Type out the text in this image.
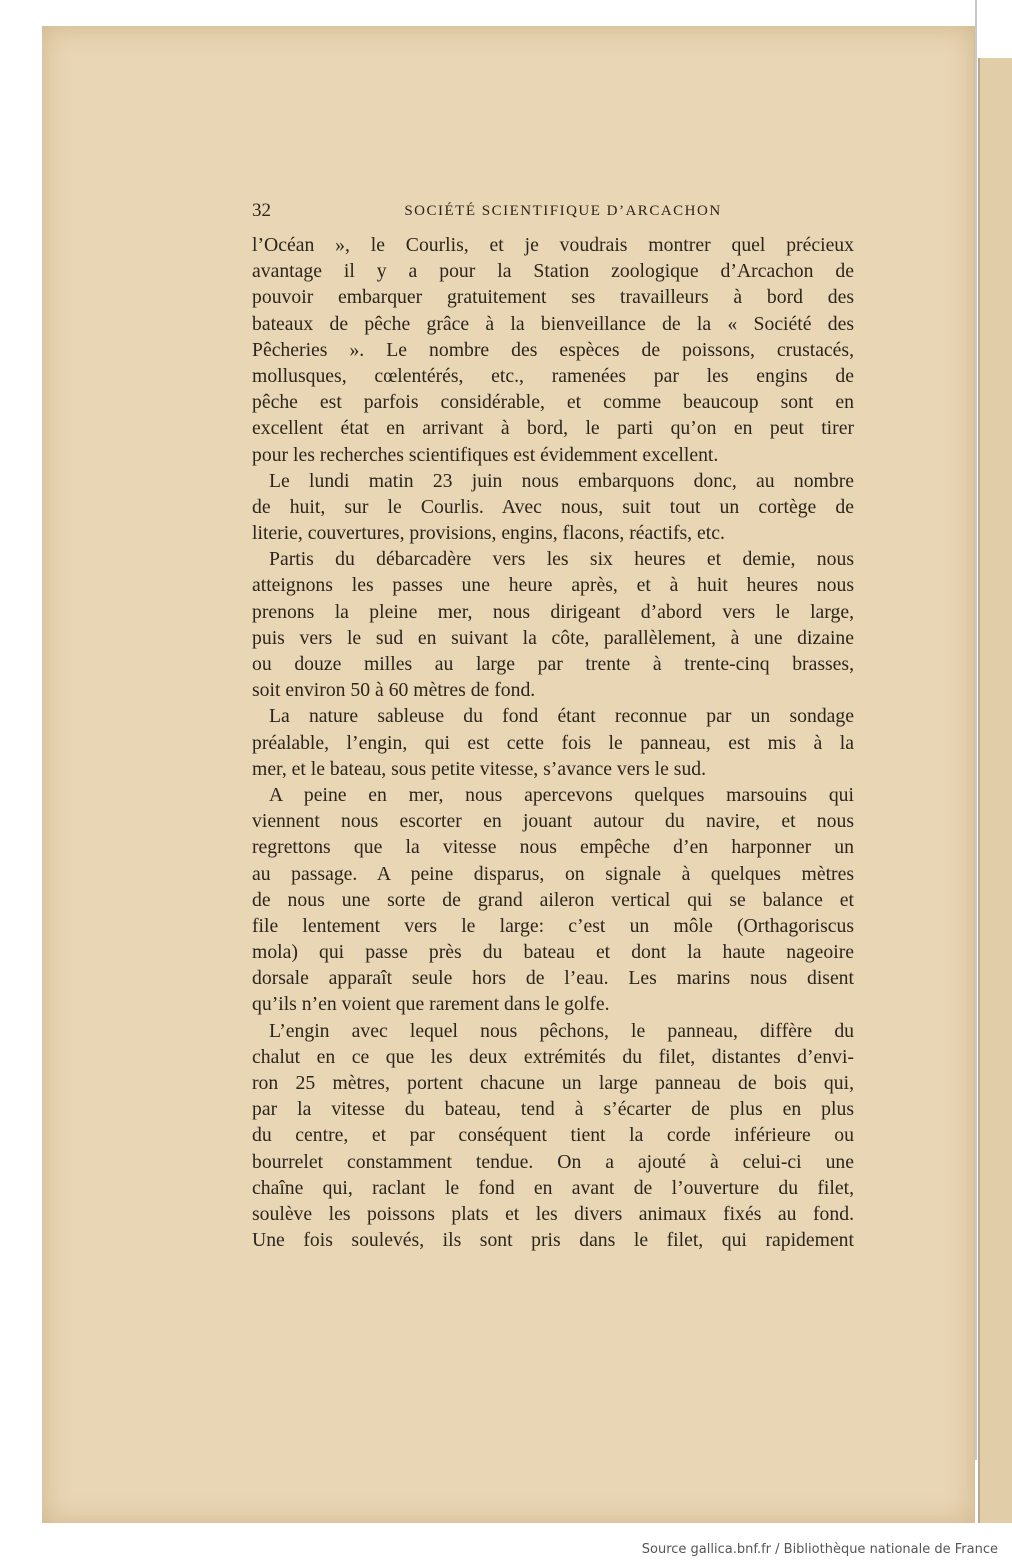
32	SOCIÉTÉ SCIENTIFIQUE D’ARCACHON
l’Océan », le Courlis, et je voudrais montrer quel précieux
avantage il y a pour la Station zoologique d’Arcachon de
pouvoir embarquer gratuitement ses travailleurs à bord des
bateaux de pêche grâce à la bienveillance de la « Société des
Pêcheries ». Le nombre des espèces de poissons, crustacés,
mollusques, cœlentérés, etc., ramenées par les engins de
pêche est parfois considérable, et comme beaucoup sont en
excellent état en arrivant à bord, le parti qu’on en peut tirer
pour les recherches scientifiques est évidemment excellent.
Le lundi matin 23 juin nous embarquons donc, au nombre
de huit, sur le Courlis. Avec nous, suit tout un cortège de
literie, couvertures, provisions, engins, flacons, réactifs, etc.
Partis du débarcadère vers les six heures et demie, nous
atteignons les passes une heure après, et à huit heures nous
prenons la pleine mer, nous dirigeant d’abord vers le large,
puis vers le sud en suivant la côte, parallèlement, à une dizaine
ou douze milles au large par trente à trente-cinq brasses,
soit environ 50 à 60 mètres de fond.
La nature sableuse du fond étant reconnue par un sondage
préalable, l’engin, qui est cette fois le panneau, est mis à la
mer, et le bateau, sous petite vitesse, s’avance vers le sud.
A peine en mer, nous apercevons quelques marsouins qui
viennent nous escorter en jouant autour du navire, et nous
regrettons que la vitesse nous empêche d’en harponner un
au passage. A peine disparus, on signale à quelques mètres
de nous une sorte de grand aileron vertical qui se balance et
file lentement vers le large: c’est un môle (Orthagoriscus
mola) qui passe près du bateau et dont la haute nageoire
dorsale apparaît seule hors de l’eau. Les marins nous disent
qu’ils n’en voient que rarement dans le golfe.
L’engin avec lequel nous pêchons, le panneau, diffère du
chalut en ce que les deux extrémités du filet, distantes d’envi-
ron 25 mètres, portent chacune un large panneau de bois qui,
par la vitesse du bateau, tend à s’écarter de plus en plus
du centre, et par conséquent tient la corde inférieure ou
bourrelet constamment tendue. On a ajouté à celui-ci une
chaîne qui, raclant le fond en avant de l’ouverture du filet,
soulève les poissons plats et les divers animaux fixés au fond.
Une fois soulevés, ils sont pris dans le filet, qui rapidement
Source gallica.bnf.fr / Bibliothèque nationale de France
